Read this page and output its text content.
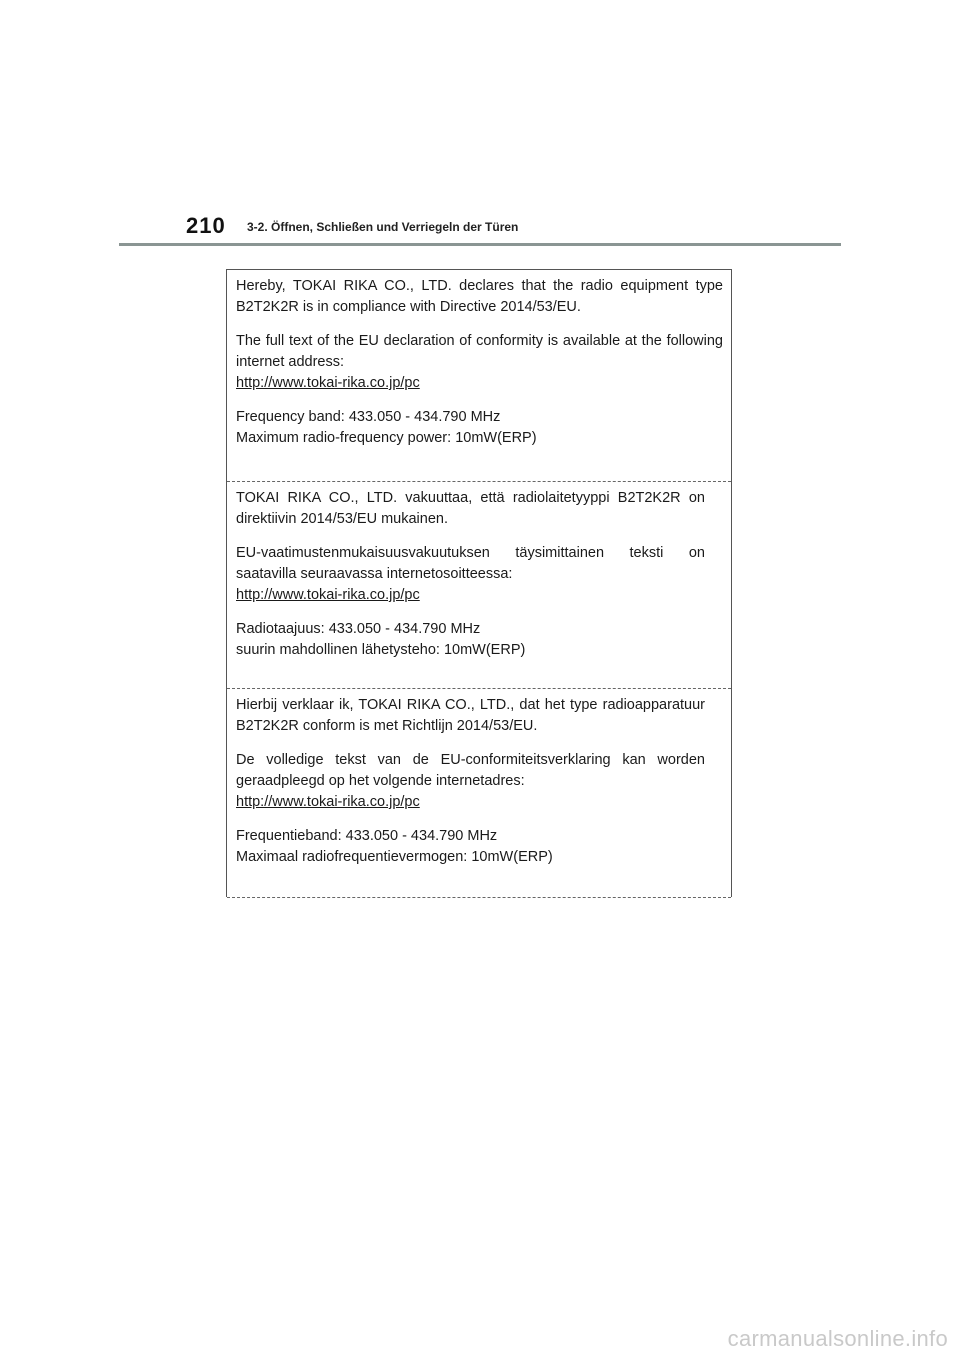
210 3-2. Öffnen, Schließen und Verriegeln der Türen

Hereby, TOKAI RIKA CO., LTD. declares that the radio equipment type B2T2K2R is in compliance with Directive 2014/53/EU.

The full text of the EU declaration of conformity is available at the following internet address:

http://www.tokai-rika.co.jp/pc

Frequency band: 433.050 - 434.790 MHz

Maximum radio-frequency power: 10mW(ERP)

TOKAI RIKA CO., LTD. vakuuttaa, että radiolaitetyyppi B2T2K2R on direktiivin 2014/53/EU mukainen.

EU-vaatimustenmukaisuusvakuutuksen täysimittainen teksti on saatavilla seuraavassa internetosoitteessa:

http://www.tokai-rika.co.jp/pc

Radiotaajuus: 433.050 - 434.790 MHz

suurin mahdollinen lähetysteho: 10mW(ERP)

Hierbij verklaar ik, TOKAI RIKA CO., LTD., dat het type radioapparatuur B2T2K2R conform is met Richtlijn 2014/53/EU.

De volledige tekst van de EU-conformiteitsverklaring kan worden geraadpleegd op het volgende internetadres:

http://www.tokai-rika.co.jp/pc

Frequentieband: 433.050 - 434.790 MHz

Maximaal radiofrequentievermogen: 10mW(ERP)

carmanualsonline.info
